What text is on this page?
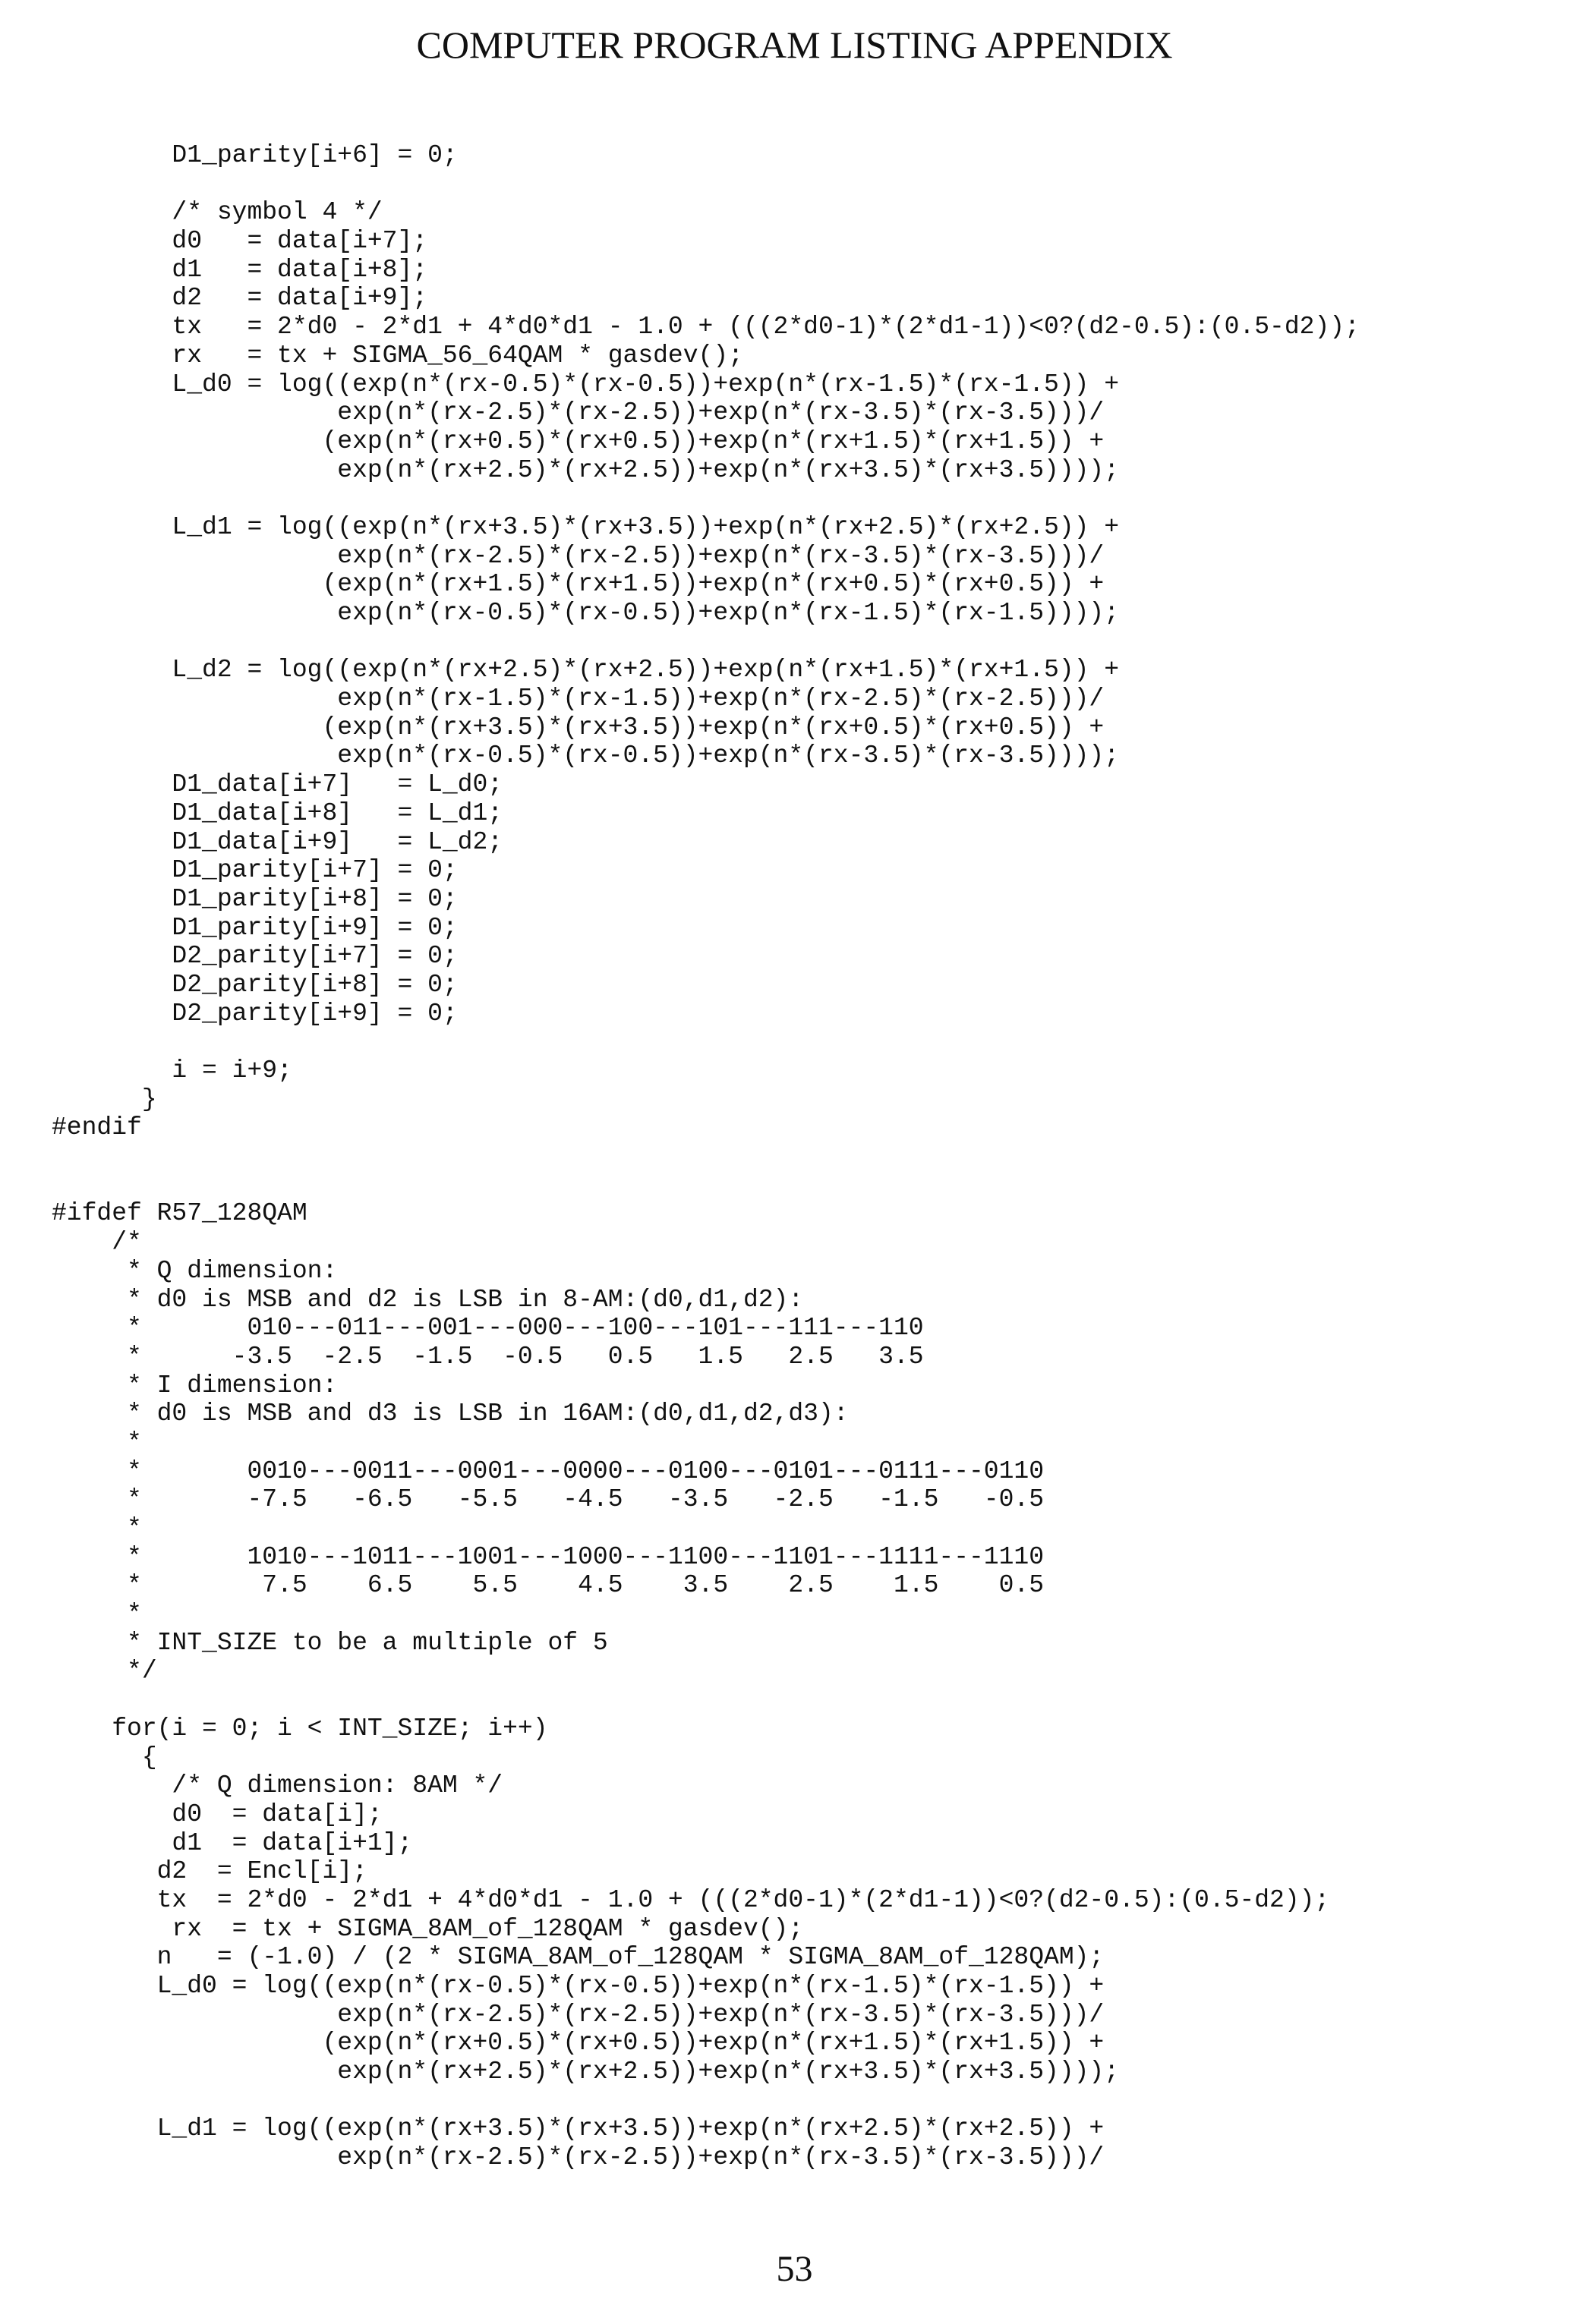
COMPUTER PROGRAM LISTING APPENDIX
D1_parity[i+6] = 0;
/* symbol 4 */
d0   = data[i+7];
d1   = data[i+8];
d2   = data[i+9];
tx   = 2*d0 - 2*d1 + 4*d0*d1 - 1.0 + (((2*d0-1)*(2*d1-1))<0?(d2-0.5):(0.5-d2));
rx   = tx + SIGMA_56_64QAM * gasdev();
L_d0 = log((exp(n*(rx-0.5)*(rx-0.5))+exp(n*(rx-1.5)*(rx-1.5)) +
exp(n*(rx-2.5)*(rx-2.5))+exp(n*(rx-3.5)*(rx-3.5)))/
(exp(n*(rx+0.5)*(rx+0.5))+exp(n*(rx+1.5)*(rx+1.5)) +
exp(n*(rx+2.5)*(rx+2.5))+exp(n*(rx+3.5)*(rx+3.5))));
L_d1 = log((exp(n*(rx+3.5)*(rx+3.5))+exp(n*(rx+2.5)*(rx+2.5)) +
exp(n*(rx-2.5)*(rx-2.5))+exp(n*(rx-3.5)*(rx-3.5)))/
(exp(n*(rx+1.5)*(rx+1.5))+exp(n*(rx+0.5)*(rx+0.5)) +
exp(n*(rx-0.5)*(rx-0.5))+exp(n*(rx-1.5)*(rx-1.5))));
L_d2 = log((exp(n*(rx+2.5)*(rx+2.5))+exp(n*(rx+1.5)*(rx+1.5)) +
exp(n*(rx-1.5)*(rx-1.5))+exp(n*(rx-2.5)*(rx-2.5)))/
(exp(n*(rx+3.5)*(rx+3.5))+exp(n*(rx+0.5)*(rx+0.5)) +
exp(n*(rx-0.5)*(rx-0.5))+exp(n*(rx-3.5)*(rx-3.5))));
D1_data[i+7]   = L_d0;
D1_data[i+8]   = L_d1;
D1_data[i+9]   = L_d2;
D1_parity[i+7] = 0;
D1_parity[i+8] = 0;
D1_parity[i+9] = 0;
D2_parity[i+7] = 0;
D2_parity[i+8] = 0;
D2_parity[i+9] = 0;
i = i+9;
}
#endif
#ifdef R57_128QAM
/*
* Q dimension:
* d0 is MSB and d2 is LSB in 8-AM:(d0,d1,d2):
*       010---011---001---000---100---101---111---110
*      -3.5  -2.5  -1.5  -0.5   0.5   1.5   2.5   3.5
* I dimension:
* d0 is MSB and d3 is LSB in 16AM:(d0,d1,d2,d3):
*
*       0010---0011---0001---0000---0100---0101---0111---0110
*       -7.5   -6.5   -5.5   -4.5   -3.5   -2.5   -1.5   -0.5
*
*       1010---1011---1001---1000---1100---1101---1111---1110
*        7.5    6.5    5.5    4.5    3.5    2.5    1.5    0.5
*
* INT_SIZE to be a multiple of 5
*/
for(i = 0; i < INT_SIZE; i++)
{
/* Q dimension: 8AM */
d0  = data[i];
d1  = data[i+1];
d2  = Encl[i];
tx  = 2*d0 - 2*d1 + 4*d0*d1 - 1.0 + (((2*d0-1)*(2*d1-1))<0?(d2-0.5):(0.5-d2));
rx  = tx + SIGMA_8AM_of_128QAM * gasdev();
n   = (-1.0) / (2 * SIGMA_8AM_of_128QAM * SIGMA_8AM_of_128QAM);
L_d0 = log((exp(n*(rx-0.5)*(rx-0.5))+exp(n*(rx-1.5)*(rx-1.5)) +
exp(n*(rx-2.5)*(rx-2.5))+exp(n*(rx-3.5)*(rx-3.5)))/
(exp(n*(rx+0.5)*(rx+0.5))+exp(n*(rx+1.5)*(rx+1.5)) +
exp(n*(rx+2.5)*(rx+2.5))+exp(n*(rx+3.5)*(rx+3.5))));
L_d1 = log((exp(n*(rx+3.5)*(rx+3.5))+exp(n*(rx+2.5)*(rx+2.5)) +
exp(n*(rx-2.5)*(rx-2.5))+exp(n*(rx-3.5)*(rx-3.5)))/
53
